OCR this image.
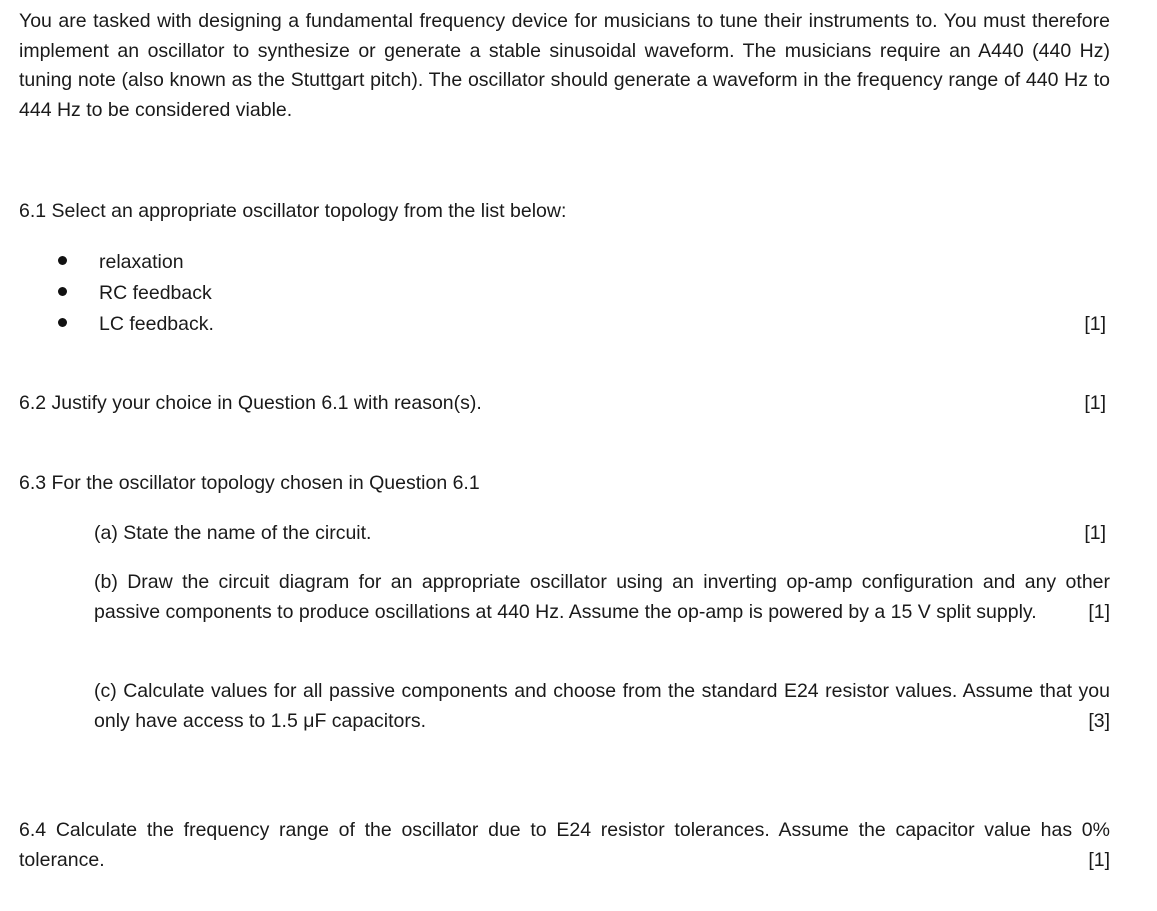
You are tasked with designing a fundamental frequency device for musicians to tune their instruments to. You must therefore implement an oscillator to synthesize or generate a stable sinusoidal waveform. The musicians require an A440 (440 Hz) tuning note (also known as the Stuttgart pitch). The oscillator should generate a waveform in the frequency range of 440 Hz to 444 Hz to be considered viable.
6.1 Select an appropriate oscillator topology from the list below:
relaxation
RC feedback
LC feedback.	[1]
6.2 Justify your choice in Question 6.1 with reason(s).	[1]
6.3 For the oscillator topology chosen in Question 6.1
(a) State the name of the circuit.	[1]
(b) Draw the circuit diagram for an appropriate oscillator using an inverting op-amp configuration and any other passive components to produce oscillations at 440 Hz. Assume the op-amp is powered by a 15 V split supply.	[1]
(c) Calculate values for all passive components and choose from the standard E24 resistor values. Assume that you only have access to 1.5 μF capacitors.	[3]
6.4 Calculate the frequency range of the oscillator due to E24 resistor tolerances. Assume the capacitor value has 0% tolerance.	[1]
